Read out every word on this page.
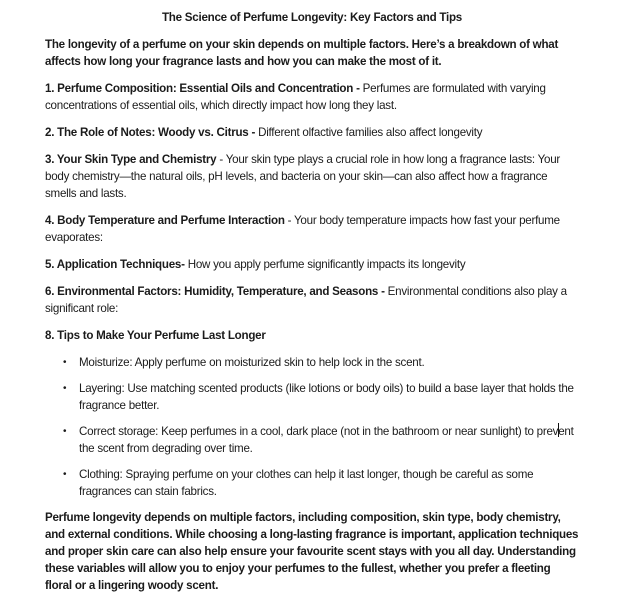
The Science of Perfume Longevity: Key Factors and Tips
The longevity of a perfume on your skin depends on multiple factors. Here’s a breakdown of what affects how long your fragrance lasts and how you can make the most of it.
1. Perfume Composition: Essential Oils and Concentration - Perfumes are formulated with varying concentrations of essential oils, which directly impact how long they last.
2. The Role of Notes: Woody vs. Citrus - Different olfactive families also affect longevity
3. Your Skin Type and Chemistry - Your skin type plays a crucial role in how long a fragrance lasts: Your body chemistry—the natural oils, pH levels, and bacteria on your skin—can also affect how a fragrance smells and lasts.
4. Body Temperature and Perfume Interaction - Your body temperature impacts how fast your perfume evaporates:
5. Application Techniques- How you apply perfume significantly impacts its longevity
6. Environmental Factors: Humidity, Temperature, and Seasons - Environmental conditions also play a significant role:
8. Tips to Make Your Perfume Last Longer
• Moisturize: Apply perfume on moisturized skin to help lock in the scent.
• Layering: Use matching scented products (like lotions or body oils) to build a base layer that holds the fragrance better.
• Correct storage: Keep perfumes in a cool, dark place (not in the bathroom or near sunlight) to prevent the scent from degrading over time.
• Clothing: Spraying perfume on your clothes can help it last longer, though be careful as some fragrances can stain fabrics.
Perfume longevity depends on multiple factors, including composition, skin type, body chemistry, and external conditions. While choosing a long-lasting fragrance is important, application techniques and proper skin care can also help ensure your favourite scent stays with you all day. Understanding these variables will allow you to enjoy your perfumes to the fullest, whether you prefer a fleeting floral or a lingering woody scent.
